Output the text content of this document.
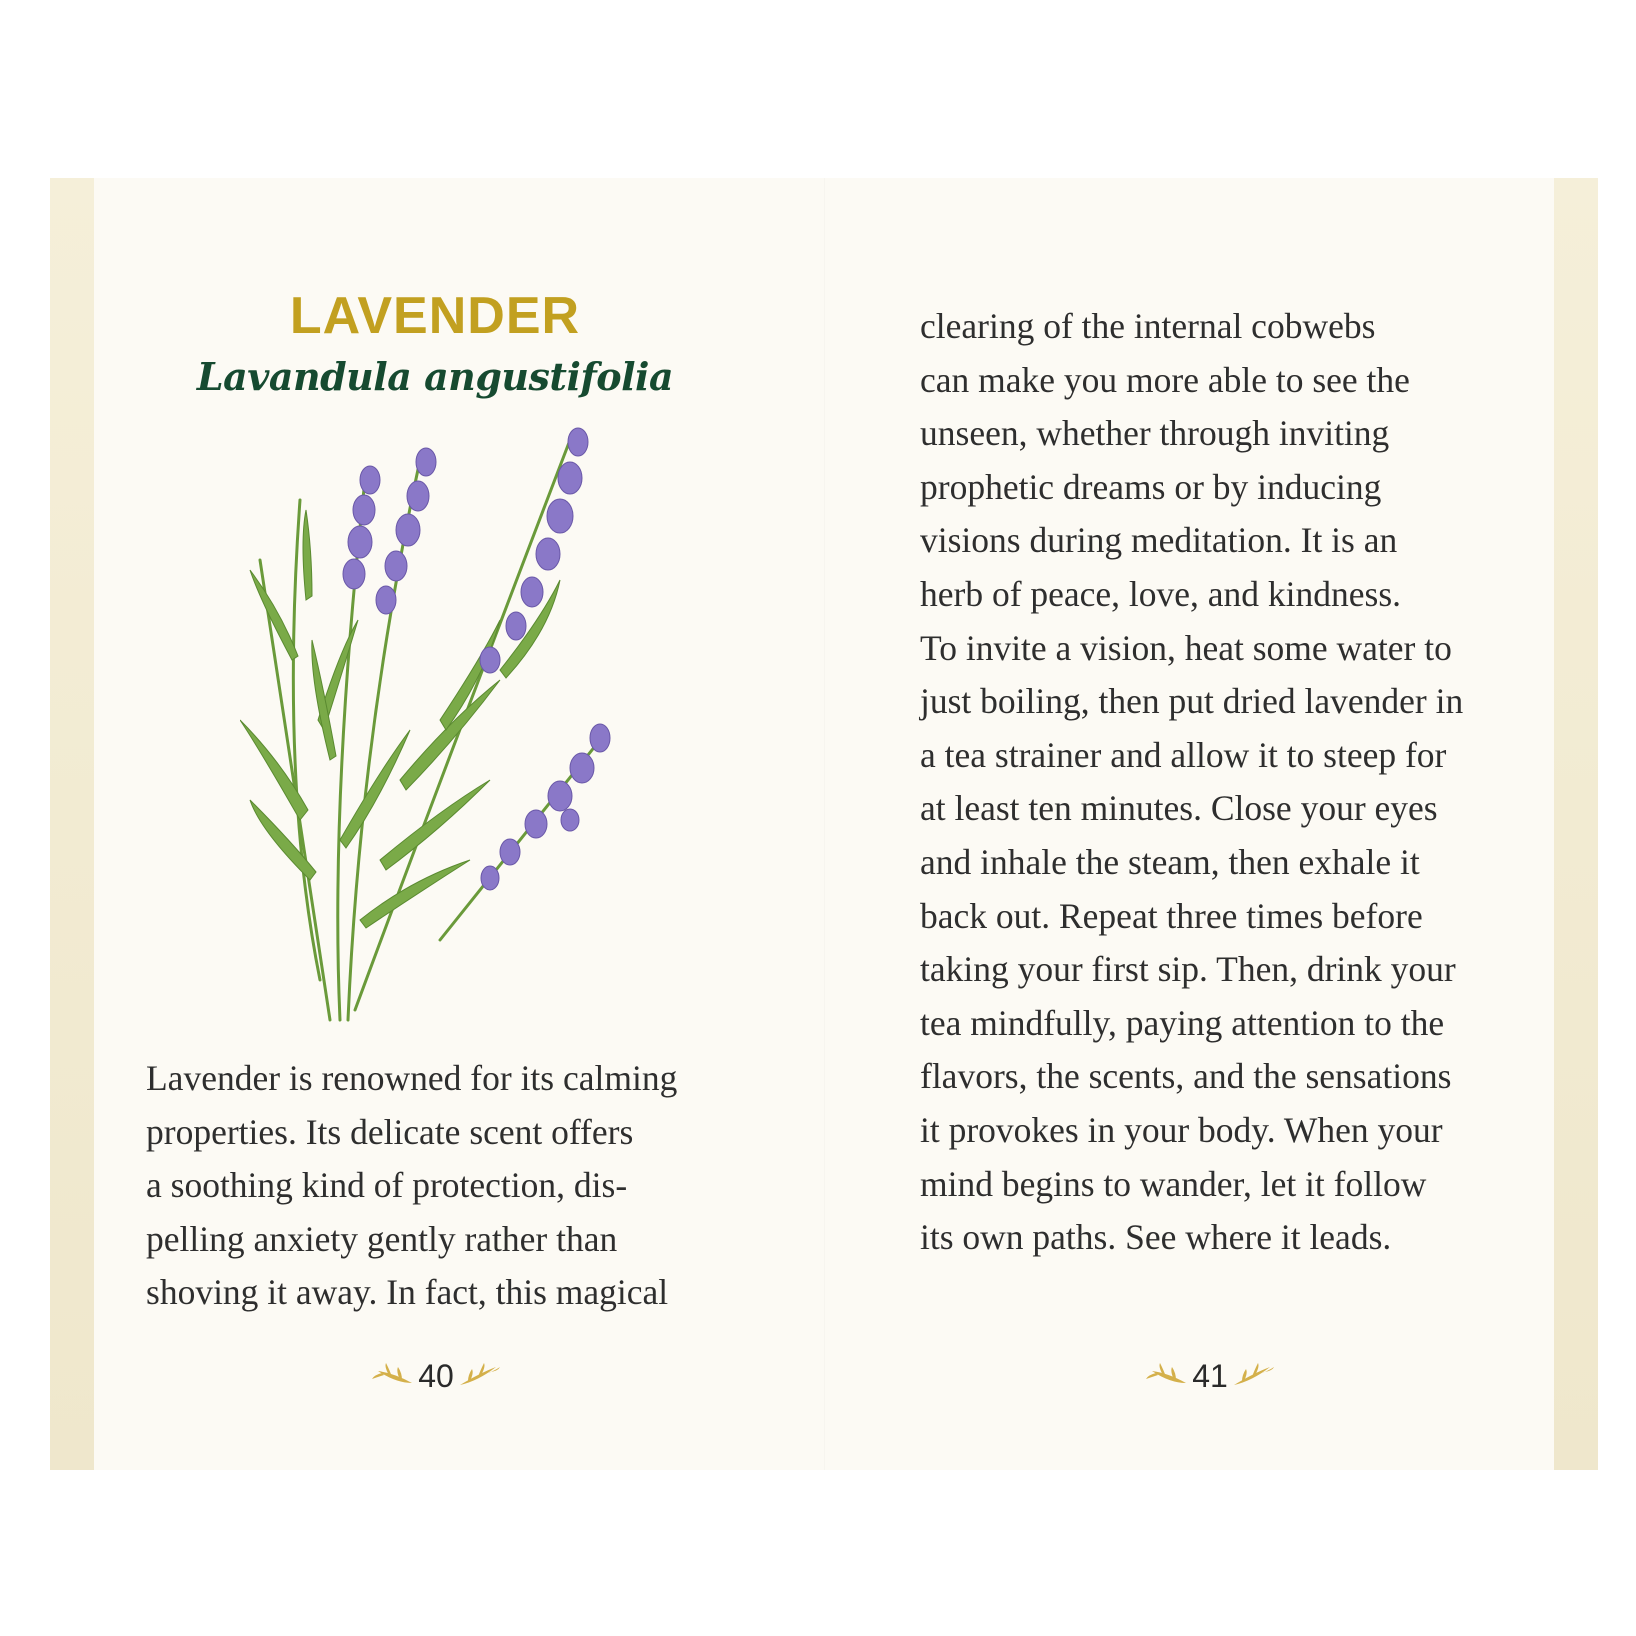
LAVENDER
Lavandula angustifolia

Lavender is renowned for its calming
properties. Its delicate scent offers
a soothing kind of protection, dis-
pelling anxiety gently rather than
shoving it away. In fact, this magical

clearing of the internal cobwebs
can make you more able to see the
unseen, whether through inviting
prophetic dreams or by inducing
visions during meditation. It is an
herb of peace, love, and kindness.
To invite a vision, heat some water to
just boiling, then put dried lavender in
a tea strainer and allow it to steep for
at least ten minutes. Close your eyes
and inhale the steam, then exhale it
back out. Repeat three times before
taking your first sip. Then, drink your
tea mindfully, paying attention to the
flavors, the scents, and the sensations
it provokes in your body. When your
mind begins to wander, let it follow
its own paths. See where it leads.

40	41
